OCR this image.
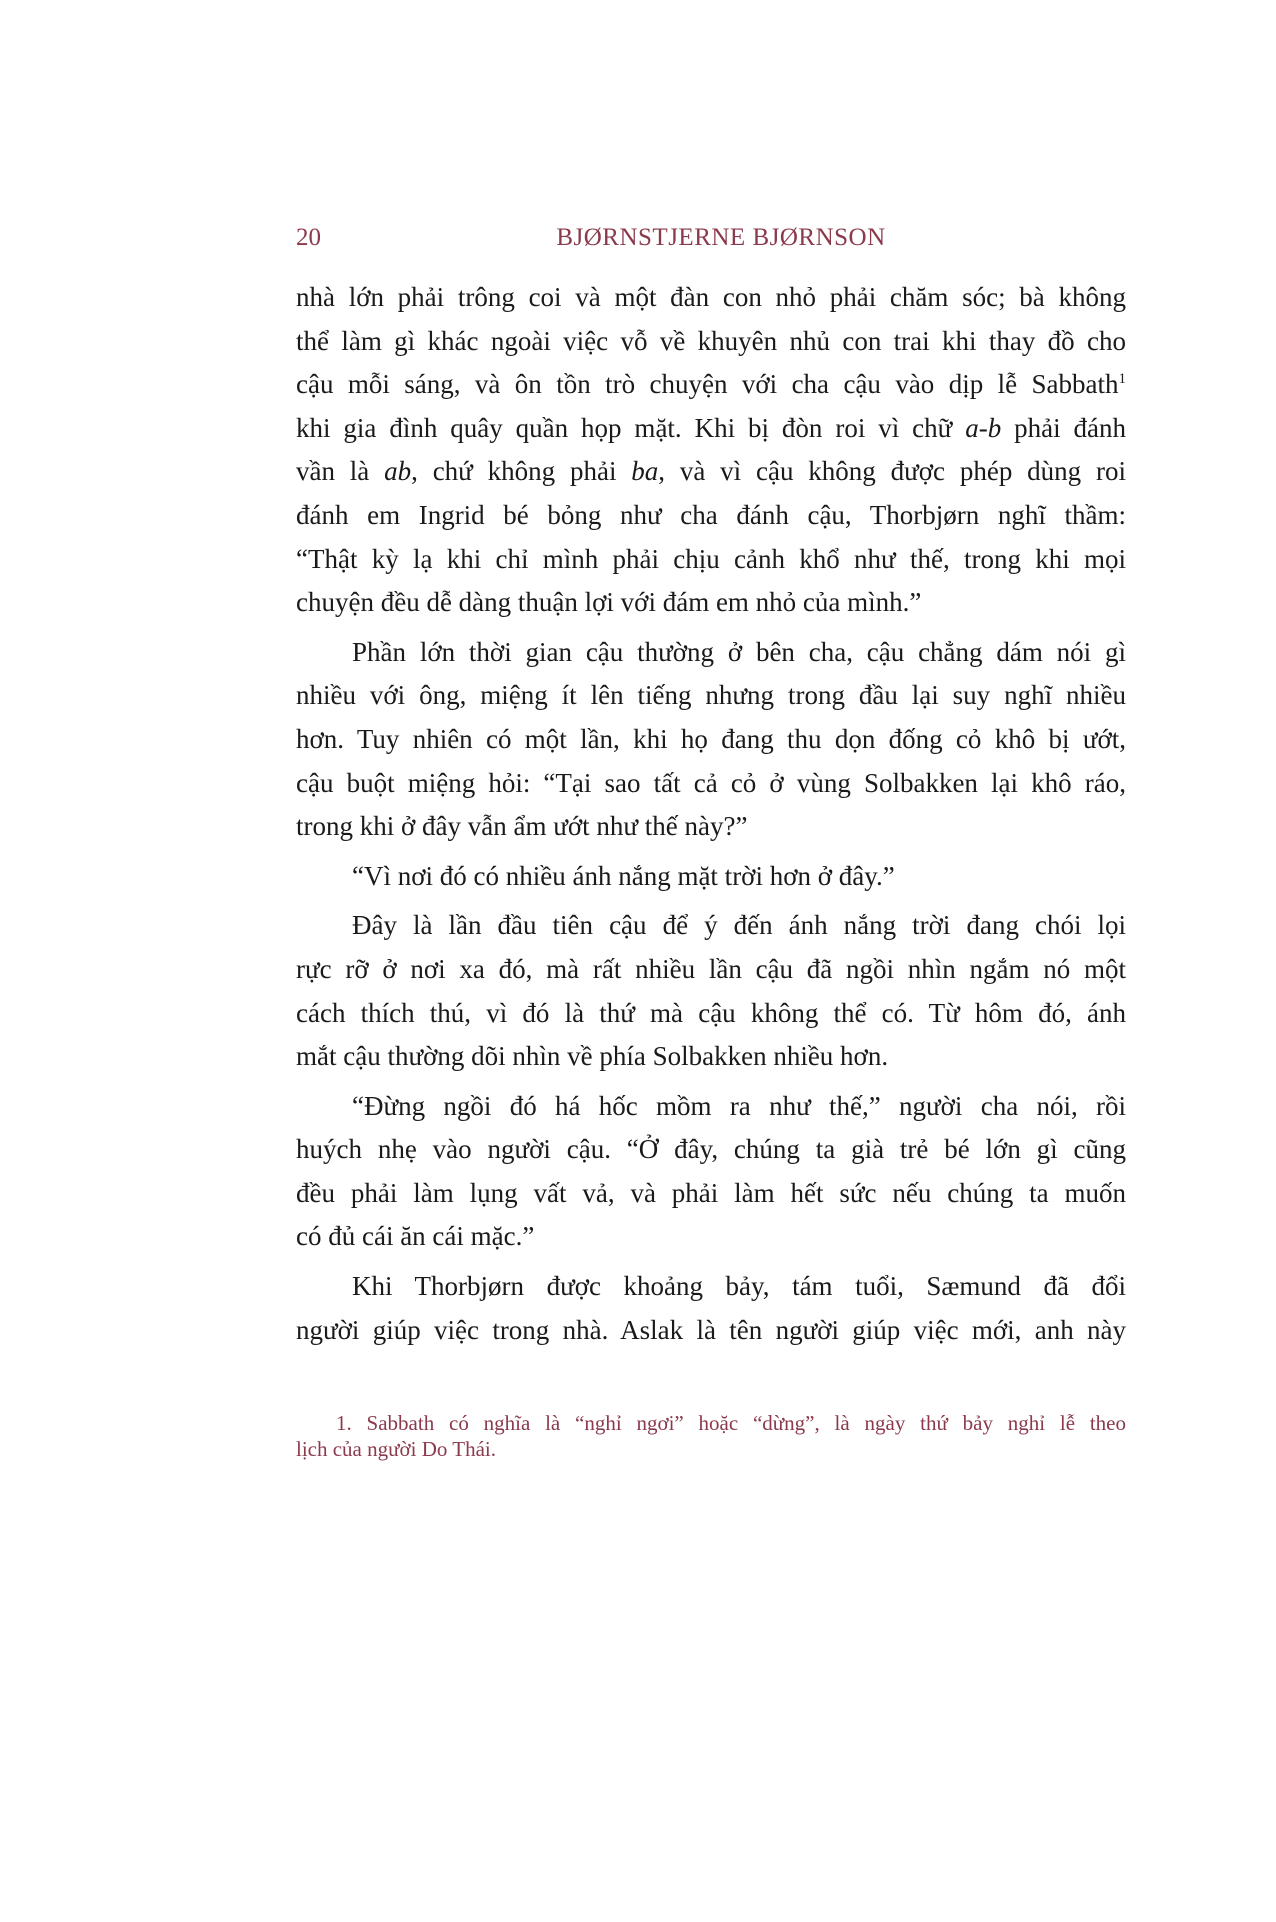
20	BJØRNSTJERNE BJØRNSON
nhà lớn phải trông coi và một đàn con nhỏ phải chăm sóc; bà không
thể làm gì khác ngoài việc vỗ về khuyên nhủ con trai khi thay đồ cho
cậu mỗi sáng, và ôn tồn trò chuyện với cha cậu vào dịp lễ Sabbath$^1$
khi gia đình quây quần họp mặt. Khi bị đòn roi vì chữ a-b phải đánh
vần là ab, chứ không phải ba, và vì cậu không được phép dùng roi
đánh em Ingrid bé bỏng như cha đánh cậu, Thorbjørn nghĩ thầm:
“Thật kỳ lạ khi chỉ mình phải chịu cảnh khổ như thế, trong khi mọi
chuyện đều dễ dàng thuận lợi với đám em nhỏ của mình.”
Phần lớn thời gian cậu thường ở bên cha, cậu chẳng dám nói gì
nhiều với ông, miệng ít lên tiếng nhưng trong đầu lại suy nghĩ nhiều
hơn. Tuy nhiên có một lần, khi họ đang thu dọn đống cỏ khô bị ướt,
cậu buột miệng hỏi: “Tại sao tất cả cỏ ở vùng Solbakken lại khô ráo,
trong khi ở đây vẫn ẩm ướt như thế này?”
“Vì nơi đó có nhiều ánh nắng mặt trời hơn ở đây.”
Đây là lần đầu tiên cậu để ý đến ánh nắng trời đang chói lọi
rực rỡ ở nơi xa đó, mà rất nhiều lần cậu đã ngồi nhìn ngắm nó một
cách thích thú, vì đó là thứ mà cậu không thể có. Từ hôm đó, ánh
mắt cậu thường dõi nhìn về phía Solbakken nhiều hơn.
“Đừng ngồi đó há hốc mồm ra như thế,” người cha nói, rồi
huých nhẹ vào người cậu. “Ở đây, chúng ta già trẻ bé lớn gì cũng
đều phải làm lụng vất vả, và phải làm hết sức nếu chúng ta muốn
có đủ cái ăn cái mặc.”
Khi Thorbjørn được khoảng bảy, tám tuổi, Sæmund đã đổi
người giúp việc trong nhà. Aslak là tên người giúp việc mới, anh này
1. Sabbath có nghĩa là “nghỉ ngơi” hoặc “dừng”, là ngày thứ bảy nghỉ lễ theo
lịch của người Do Thái.
